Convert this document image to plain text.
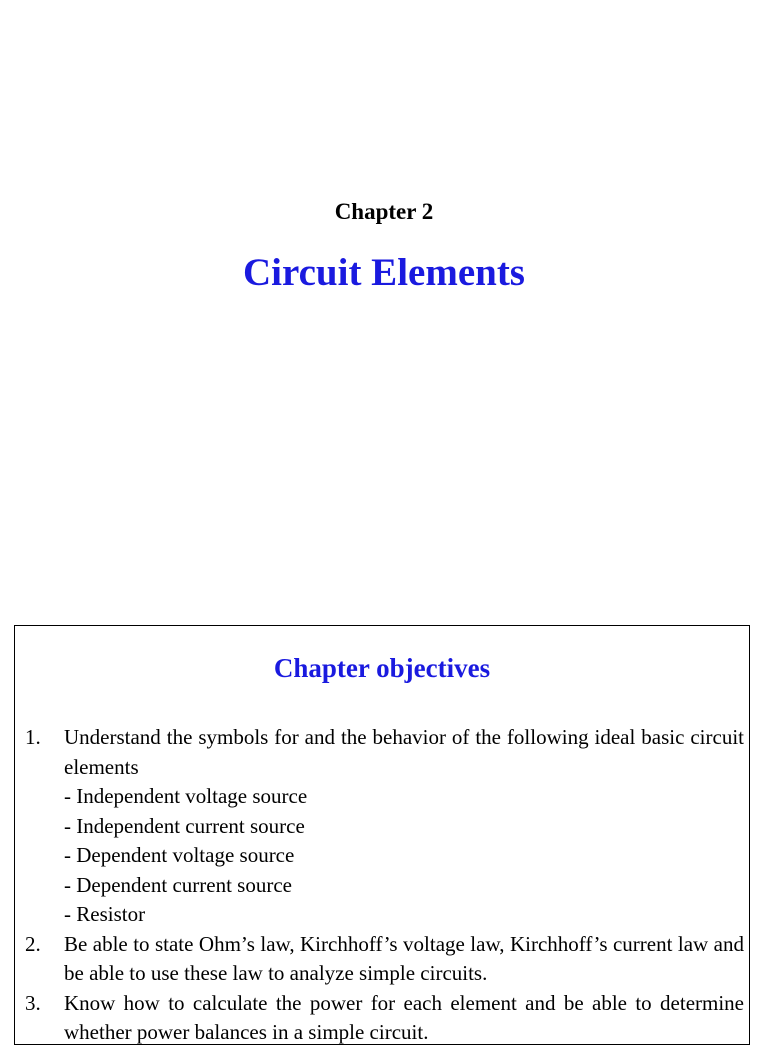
Chapter 2
Circuit Elements
Chapter objectives
1. Understand the symbols for and the behavior of the following ideal basic circuit elements
- Independent voltage source
- Independent current source
- Dependent voltage source
- Dependent current source
- Resistor
2. Be able to state Ohm’s law, Kirchhoff’s voltage law, Kirchhoff’s current law and be able to use these law to analyze simple circuits.
3. Know how to calculate the power for each element and be able to determine whether power balances in a simple circuit.
